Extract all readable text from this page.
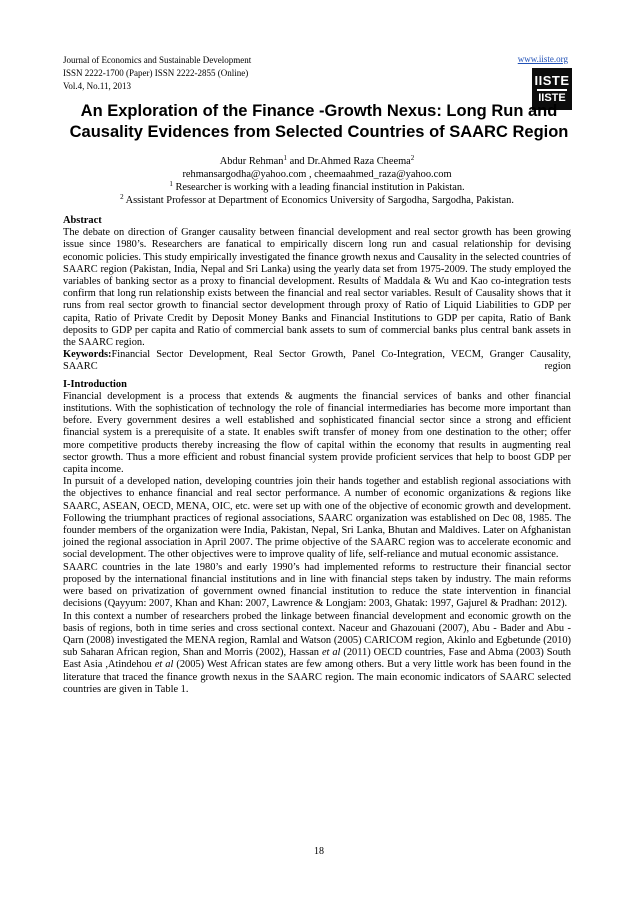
Journal of Economics and Sustainable Development
ISSN 2222-1700 (Paper) ISSN 2222-2855 (Online)
Vol.4, No.11, 2013
www.iiste.org
IISTE
IISTE
An Exploration of the Finance -Growth Nexus: Long Run and
Causality Evidences from Selected Countries of SAARC Region
Abdur Rehman$^1$ and Dr.Ahmed Raza Cheema$^2$
rehmansargodha@yahoo.com , cheemaahmed_raza@yahoo.com
$^1$ Researcher is working with a leading financial institution in Pakistan.
$^2$ Assistant Professor at Department of Economics University of Sargodha, Sargodha, Pakistan.
Abstract

The debate on direction of Granger causality between financial development and real sector growth has been growing issue since 1980’s. Researchers are fanatical to empirically discern long run and casual relationship for devising economic policies. This study empirically investigated the finance growth nexus and Causality in the selected countries of SAARC region (Pakistan, India, Nepal and Sri Lanka) using the yearly data set from 1975-2009. The study employed the variables of banking sector as a proxy to financial development. Results of Maddala & Wu and Kao co-integration tests confirm that long run relationship exists between the financial and real sector variables. Result of Causality shows that it runs from real sector growth to financial sector development through proxy of Ratio of Liquid Liabilities to GDP per capita, Ratio of Private Credit by Deposit Money Banks and Financial Institutions to GDP per capita, Ratio of Bank deposits to GDP per capita and Ratio of commercial bank assets to sum of commercial banks plus central bank assets in the SAARC region.

Keywords:Financial Sector Development, Real Sector Growth, Panel Co-Integration, VECM, Granger Causality, SAARC region

I-Introduction

Financial development is a process that extends & augments the financial services of banks and other financial institutions. With the sophistication of technology the role of financial intermediaries has become more important than before. Every government desires a well established and sophisticated financial sector since a strong and efficient financial system is a prerequisite of a state. It enables swift transfer of money from one destination to the other; offer more competitive products thereby increasing the flow of capital within the economy that results in augmenting real sector growth. Thus a more efficient and robust financial system provide proficient services that help to boost GDP per capita income.

In pursuit of a developed nation, developing countries join their hands together and establish regional associations with the objectives to enhance financial and real sector performance. A number of economic organizations & regions like SAARC, ASEAN, OECD, MENA, OIC, etc. were set up with one of the objective of economic growth and development. Following the triumphant practices of regional associations, SAARC organization was established on Dec 08, 1985. The founder members of the organization were India, Pakistan, Nepal, Sri Lanka, Bhutan and Maldives. Later on Afghanistan joined the regional association in April 2007. The prime objective of the SAARC region was to accelerate economic and social development. The other objectives were to improve quality of life, self-reliance and mutual economic assistance.

SAARC countries in the late 1980’s and early 1990’s had implemented reforms to restructure their financial sector proposed by the international financial institutions and in line with financial steps taken by industry. The main reforms were based on privatization of government owned financial institution to reduce the state intervention in financial decisions (Qayyum: 2007, Khan and Khan: 2007, Lawrence & Longjam: 2003, Ghatak: 1997, Gajurel & Pradhan: 2012).

In this context a number of researchers probed the linkage between financial development and economic growth on the basis of regions, both in time series and cross sectional context. Naceur and Ghazouani (2007), Abu - Bader and Abu -Qarn (2008) investigated the MENA region, Ramlal and Watson (2005) CARICOM region, Akinlo and Egbetunde (2010) sub Saharan African region, Shan and Morris (2002), Hassan et al (2011) OECD countries, Fase and Abma (2003) South East Asia ,Atindehou et al (2005) West African states are few among others. But a very little work has been found in the literature that traced the finance growth nexus in the SAARC region. The main economic indicators of SAARC selected countries are given in Table 1.

18
